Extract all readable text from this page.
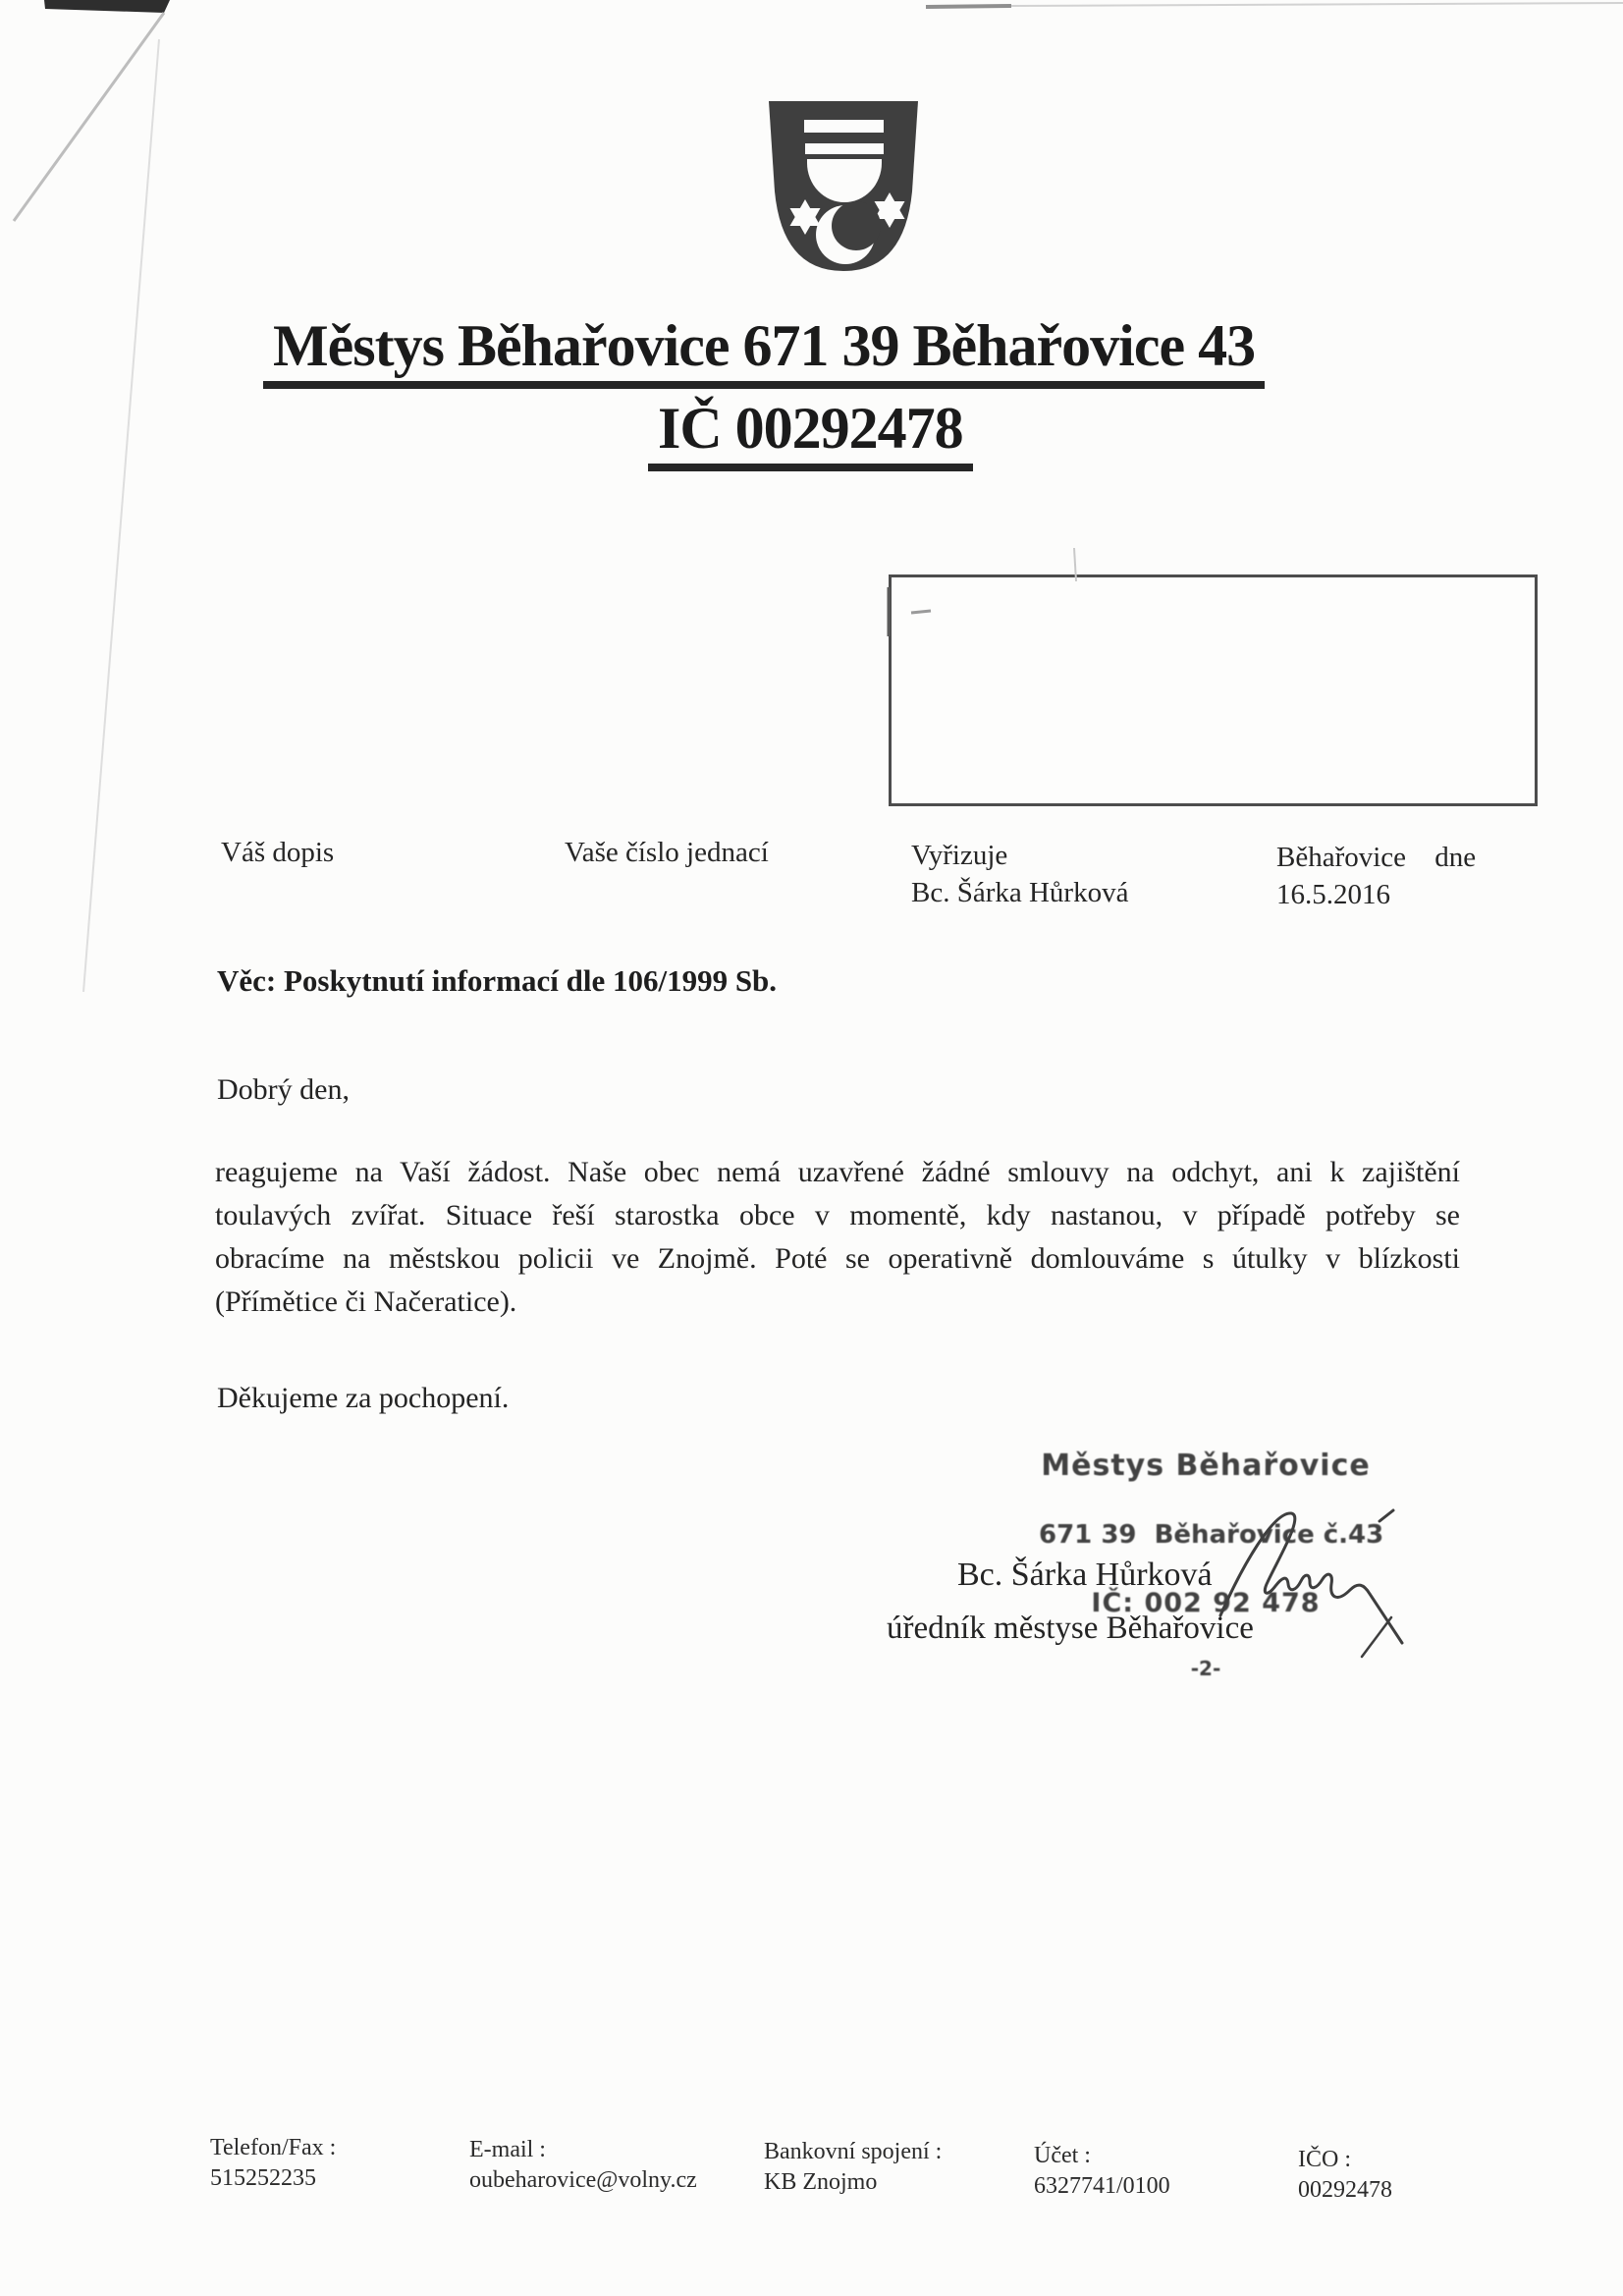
Městys Běhařovice 671 39 Běhařovice 43
IČ 00292478
Váš dopis	Vaše číslo jednací	Vyřizuje
Bc. Šárka Hůrková
Běhařovice dne
16.5.2016
Věc: Poskytnutí informací dle 106/1999 Sb.
Dobrý den,
reagujeme na Vaší žádost. Naše obec nemá uzavřené žádné smlouvy na odchyt, ani k zajištění
toulavých zvířat. Situace řeší starostka obce v momentě, kdy nastanou, v případě potřeby se
obracíme na městskou policii ve Znojmě. Poté se operativně domlouváme s útulky v blízkosti
(Přímětice či Načeratice).
Děkujeme za pochopení.

Městys Běhařovice

671 39  Běhařovice č.43

IČ: 002 92 478

-2-

Bc. Šárka Hůrková
úředník městyse Běhařovice
Telefon/Fax :
515252235
E-mail :
oubeharovice@volny.cz
Bankovní spojení :
KB Znojmo
Účet :
6327741/0100
IČO :
00292478
